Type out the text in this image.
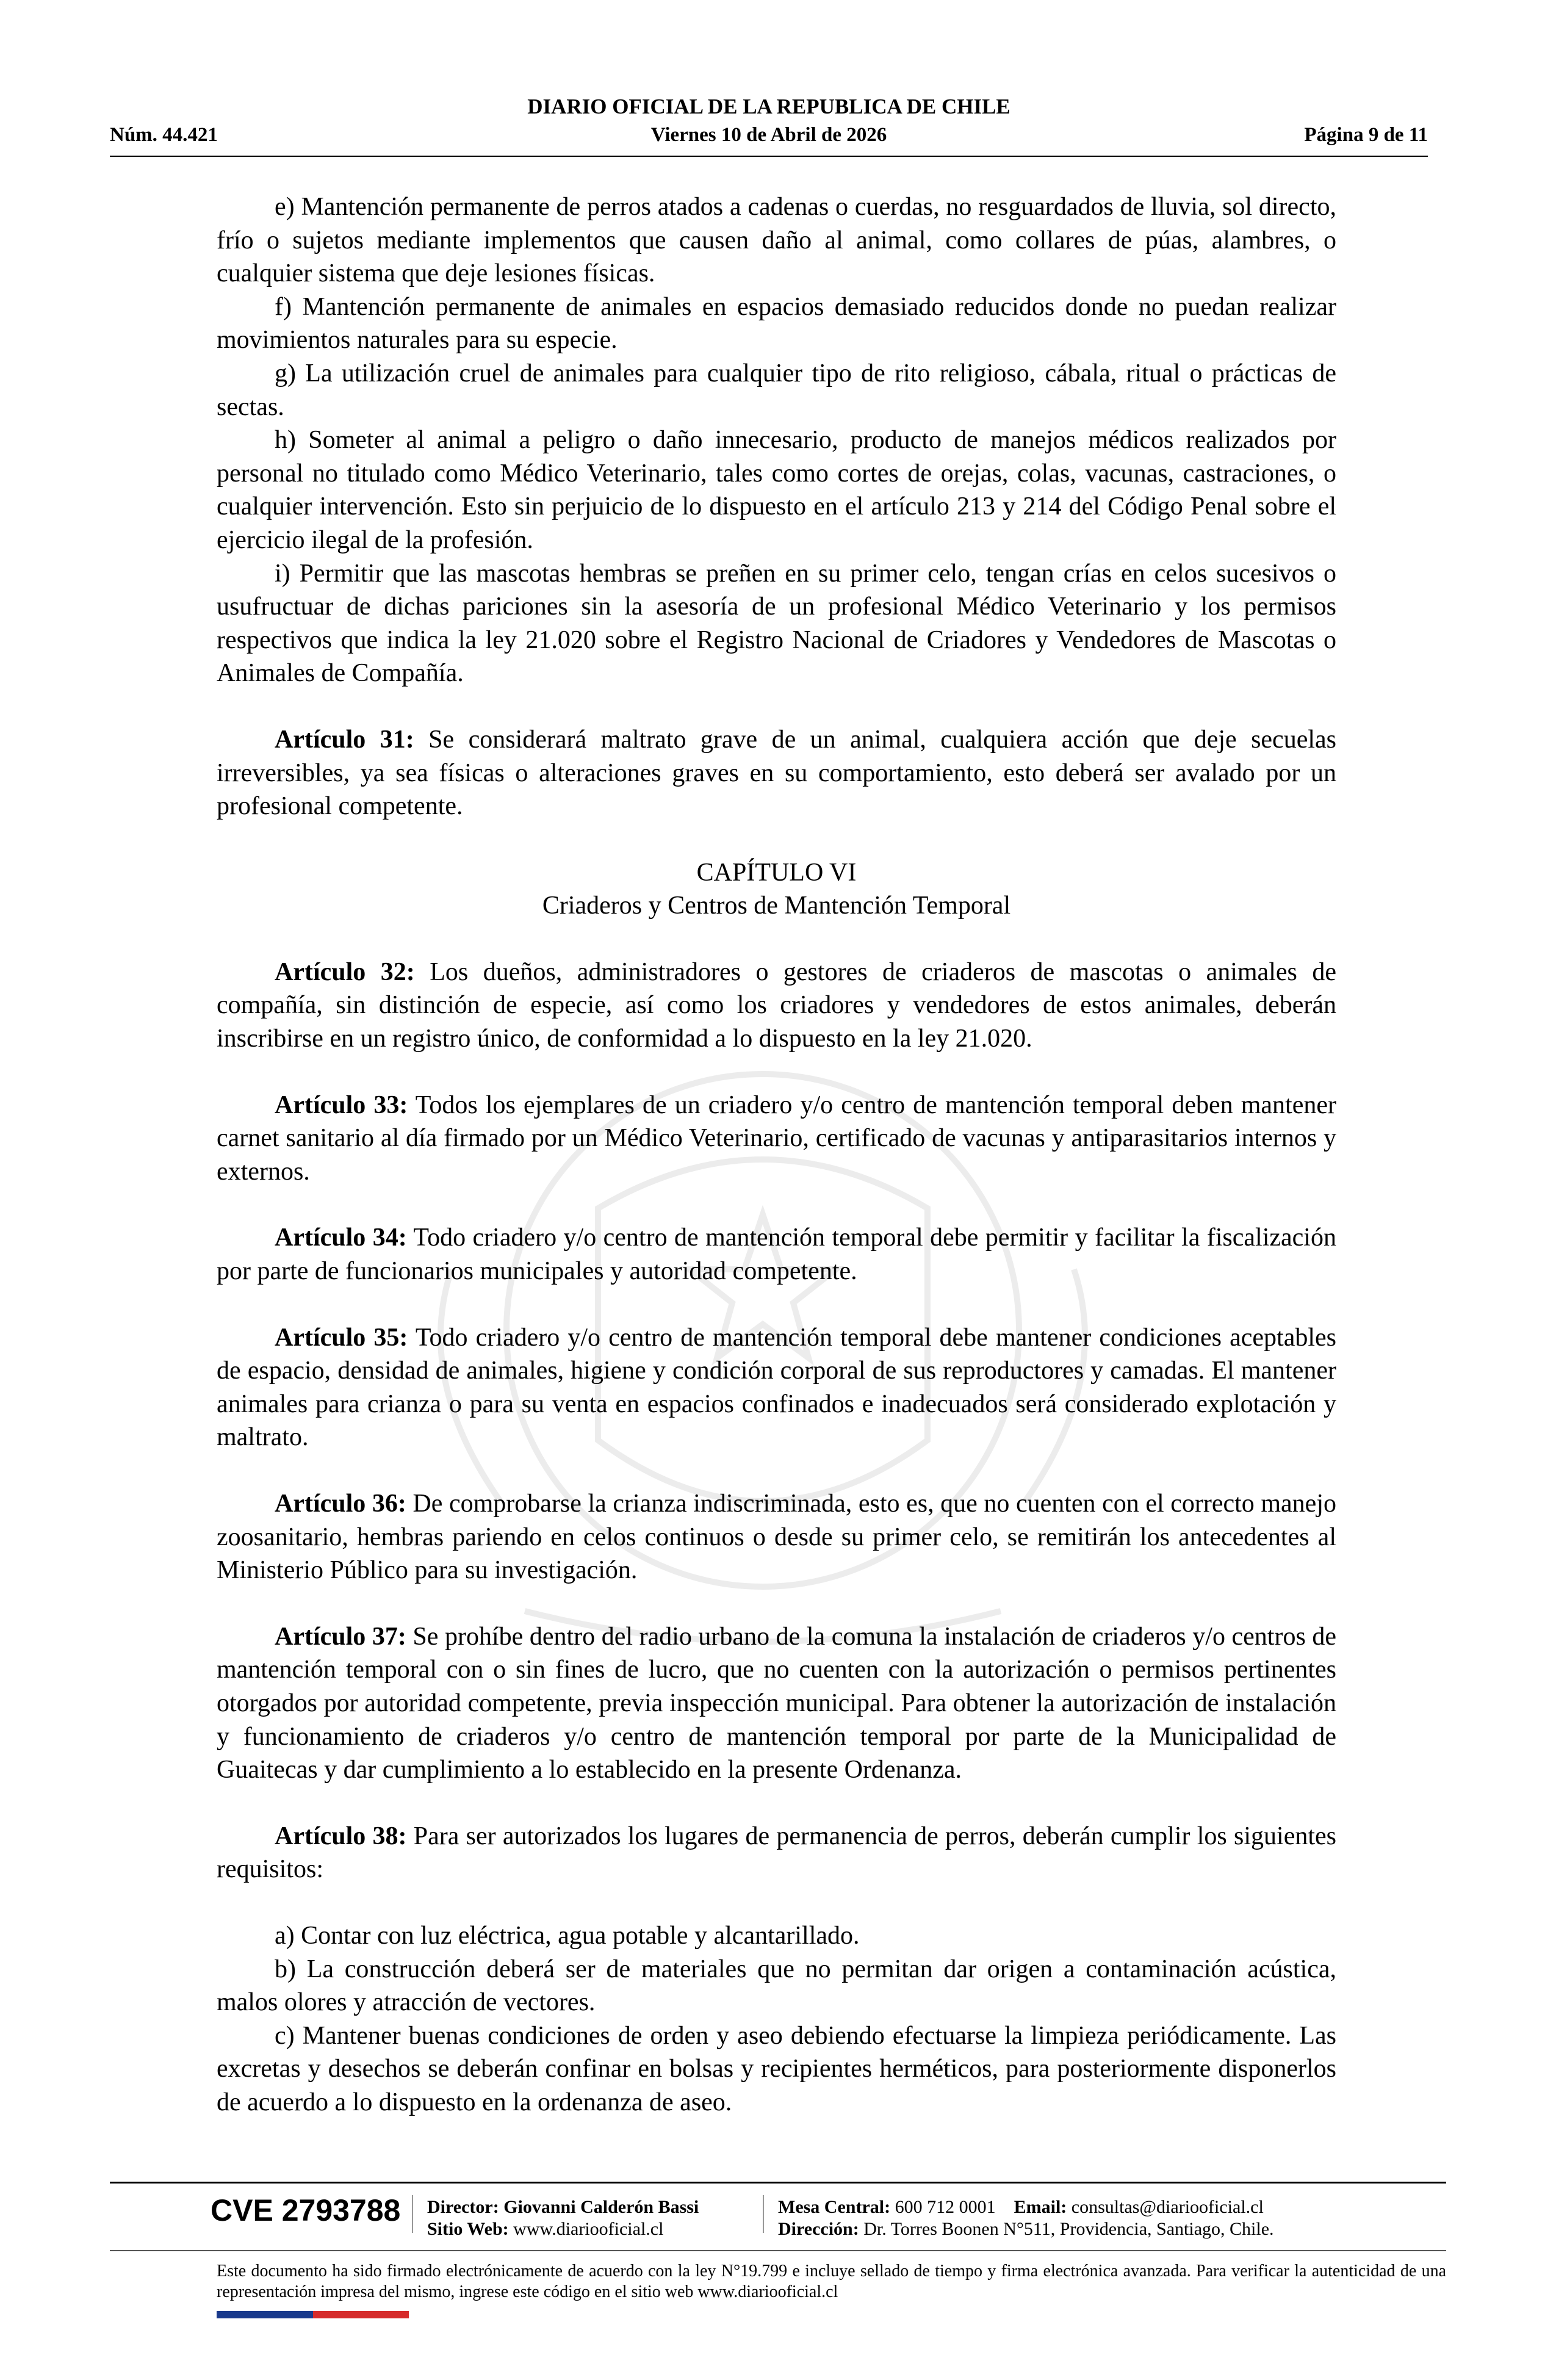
DIARIO OFICIAL DE LA REPUBLICA DE CHILE
Núm. 44.421	Viernes 10 de Abril de 2026	Página 9 de 11

e) Mantención permanente de perros atados a cadenas o cuerdas, no resguardados de lluvia, sol directo, frío o sujetos mediante implementos que causen daño al animal, como collares de púas, alambres, o cualquier sistema que deje lesiones físicas.

f) Mantención permanente de animales en espacios demasiado reducidos donde no puedan realizar movimientos naturales para su especie.

g) La utilización cruel de animales para cualquier tipo de rito religioso, cábala, ritual o prácticas de sectas.

h) Someter al animal a peligro o daño innecesario, producto de manejos médicos realizados por personal no titulado como Médico Veterinario, tales como cortes de orejas, colas, vacunas, castraciones, o cualquier intervención. Esto sin perjuicio de lo dispuesto en el artículo 213 y 214 del Código Penal sobre el ejercicio ilegal de la profesión.

i) Permitir que las mascotas hembras se preñen en su primer celo, tengan crías en celos sucesivos o usufructuar de dichas pariciones sin la asesoría de un profesional Médico Veterinario y los permisos respectivos que indica la ley 21.020 sobre el Registro Nacional de Criadores y Vendedores de Mascotas o Animales de Compañía.

Artículo 31: Se considerará maltrato grave de un animal, cualquiera acción que deje secuelas irreversibles, ya sea físicas o alteraciones graves en su comportamiento, esto deberá ser avalado por un profesional competente.

CAPÍTULO VI
Criaderos y Centros de Mantención Temporal

Artículo 32: Los dueños, administradores o gestores de criaderos de mascotas o animales de compañía, sin distinción de especie, así como los criadores y vendedores de estos animales, deberán inscribirse en un registro único, de conformidad a lo dispuesto en la ley 21.020.

Artículo 33: Todos los ejemplares de un criadero y/o centro de mantención temporal deben mantener carnet sanitario al día firmado por un Médico Veterinario, certificado de vacunas y antiparasitarios internos y externos.

Artículo 34: Todo criadero y/o centro de mantención temporal debe permitir y facilitar la fiscalización por parte de funcionarios municipales y autoridad competente.

Artículo 35: Todo criadero y/o centro de mantención temporal debe mantener condiciones aceptables de espacio, densidad de animales, higiene y condición corporal de sus reproductores y camadas. El mantener animales para crianza o para su venta en espacios confinados e inadecuados será considerado explotación y maltrato.

Artículo 36: De comprobarse la crianza indiscriminada, esto es, que no cuenten con el correcto manejo zoosanitario, hembras pariendo en celos continuos o desde su primer celo, se remitirán los antecedentes al Ministerio Público para su investigación.

Artículo 37: Se prohíbe dentro del radio urbano de la comuna la instalación de criaderos y/o centros de mantención temporal con o sin fines de lucro, que no cuenten con la autorización o permisos pertinentes otorgados por autoridad competente, previa inspección municipal. Para obtener la autorización de instalación y funcionamiento de criaderos y/o centro de mantención temporal por parte de la Municipalidad de Guaitecas y dar cumplimiento a lo establecido en la presente Ordenanza.

Artículo 38: Para ser autorizados los lugares de permanencia de perros, deberán cumplir los siguientes requisitos:

a) Contar con luz eléctrica, agua potable y alcantarillado.

b) La construcción deberá ser de materiales que no permitan dar origen a contaminación acústica, malos olores y atracción de vectores.

c) Mantener buenas condiciones de orden y aseo debiendo efectuarse la limpieza periódicamente. Las excretas y desechos se deberán confinar en bolsas y recipientes herméticos, para posteriormente disponerlos de acuerdo a lo dispuesto en la ordenanza de aseo.

CVE 2793788 Director: Giovanni Calderón Bassi
Sitio Web: www.diariooficial.cl
Mesa Central: 600 712 0001 Email: consultas@diariooficial.cl
Dirección: Dr. Torres Boonen N°511, Providencia, Santiago, Chile.
Este documento ha sido firmado electrónicamente de acuerdo con la ley N°19.799 e incluye sellado de tiempo y firma electrónica avanzada. Para verificar la autenticidad de una representación impresa del mismo, ingrese este código en el sitio web www.diariooficial.cl
